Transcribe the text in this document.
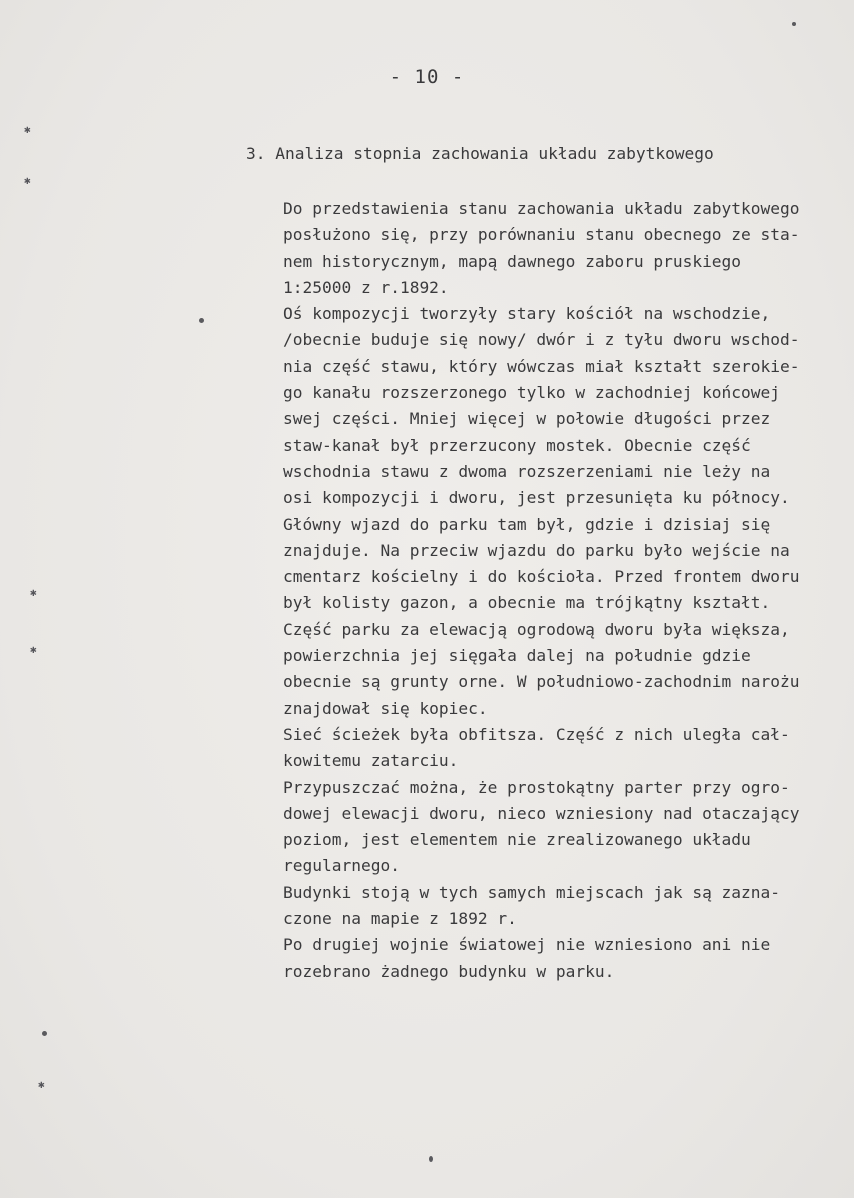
✱
✱
✱
✱
✱
- 10 -
3. Analiza stopnia zachowania układu zabytkowego
Do przedstawienia stanu zachowania układu zabytkowego
posłużono się, przy porównaniu stanu obecnego ze sta-
nem historycznym, mapą dawnego zaboru pruskiego
1:25000 z r.1892.
Oś kompozycji tworzyły stary kościół na wschodzie,
/obecnie buduje się nowy/ dwór i z tyłu dworu wschod-
nia część stawu, który wówczas miał kształt szerokie-
go kanału rozszerzonego tylko w zachodniej końcowej
swej części. Mniej więcej w połowie długości przez
staw-kanał był przerzucony mostek. Obecnie część
wschodnia stawu z dwoma rozszerzeniami nie leży na
osi kompozycji i dworu, jest przesunięta ku północy.
Główny wjazd do parku tam był, gdzie i dzisiaj się
znajduje. Na przeciw wjazdu do parku było wejście na
cmentarz kościelny i do kościoła. Przed frontem dworu
był kolisty gazon, a obecnie ma trójkątny kształt.
Część parku za elewacją ogrodową dworu była większa,
powierzchnia jej sięgała dalej na południe gdzie
obecnie są grunty orne. W południowo-zachodnim narożu
znajdował się kopiec.
Sieć ścieżek była obfitsza. Część z nich uległa cał-
kowitemu zatarciu.
Przypuszczać można, że prostokątny parter przy ogro-
dowej elewacji dworu, nieco wzniesiony nad otaczający
poziom, jest elementem nie zrealizowanego układu
regularnego.
Budynki stoją w tych samych miejscach jak są zazna-
czone na mapie z 1892 r.
Po drugiej wojnie światowej nie wzniesiono ani nie
rozebrano żadnego budynku w parku.
